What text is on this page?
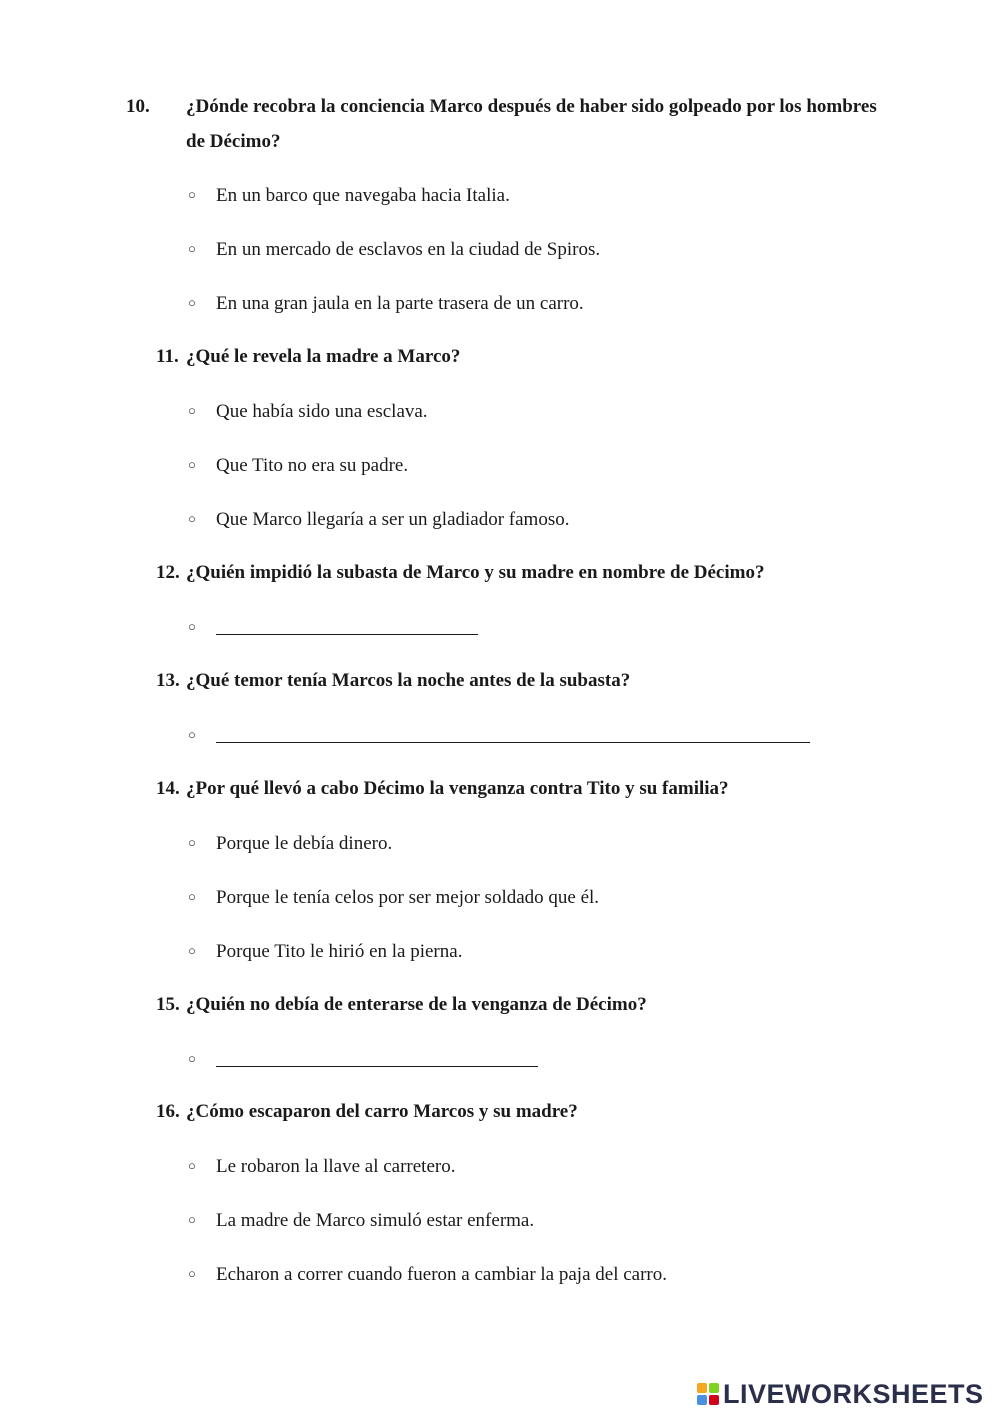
10. ¿Dónde recobra la conciencia Marco después de haber sido golpeado por los hombres de Décimo?
○ En un barco que navegaba hacia Italia.
○ En un mercado de esclavos en la ciudad de Spiros.
○ En una gran jaula en la parte trasera de un carro.
11. ¿Qué le revela la madre a Marco?
○ Que había sido una esclava.
○ Que Tito no era su padre.
○ Que Marco llegaría a ser un gladiador famoso.
12. ¿Quién impidió la subasta de Marco y su madre en nombre de Décimo?
○
13. ¿Qué temor tenía Marcos la noche antes de la subasta?
○
14. ¿Por qué llevó a cabo Décimo la venganza contra Tito y su familia?
○ Porque le debía dinero.
○ Porque le tenía celos por ser mejor soldado que él.
○ Porque Tito le hirió en la pierna.
15. ¿Quién no debía de enterarse de la venganza de Décimo?
○
16. ¿Cómo escaparon del carro Marcos y su madre?
○ Le robaron la llave al carretero.
○ La madre de Marco simuló estar enferma.
○ Echaron a correr cuando fueron a cambiar la paja del carro.
LIVEWORKSHEETS
